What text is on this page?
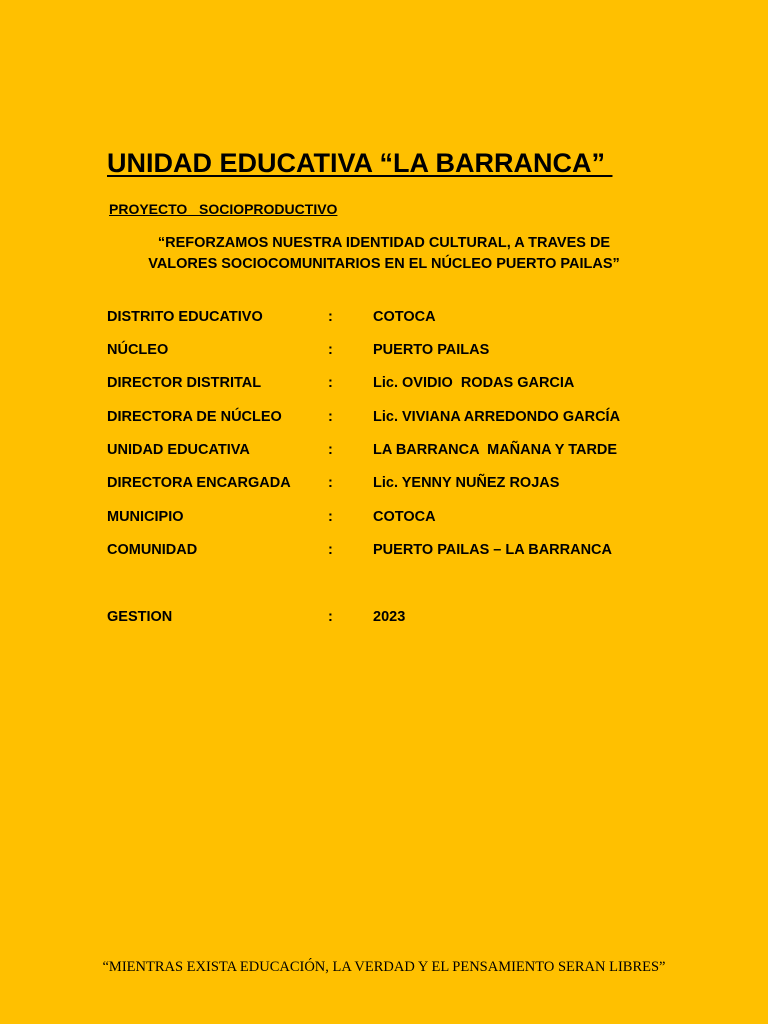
UNIDAD EDUCATIVA “LA BARRANCA”
PROYECTO   SOCIOPRODUCTIVO
“REFORZAMOS NUESTRA IDENTIDAD CULTURAL, A TRAVES DE
VALORES SOCIOCOMUNITARIOS EN EL NÚCLEO PUERTO PAILAS”
DISTRITO EDUCATIVO	:	COTOCA
NÚCLEO	:	PUERTO PAILAS
DIRECTOR DISTRITAL	:	Lic. OVIDIO  RODAS GARCIA
DIRECTORA DE NÚCLEO	:	Lic. VIVIANA ARREDONDO GARCÍA
UNIDAD EDUCATIVA	:	LA BARRANCA  MAÑANA Y TARDE
DIRECTORA ENCARGADA	:	Lic. YENNY NUÑEZ ROJAS
MUNICIPIO	:	COTOCA
COMUNIDAD	:	PUERTO PAILAS – LA BARRANCA
GESTION	:	2023
“MIENTRAS EXISTA EDUCACIÓN, LA VERDAD Y EL PENSAMIENTO SERAN LIBRES”
